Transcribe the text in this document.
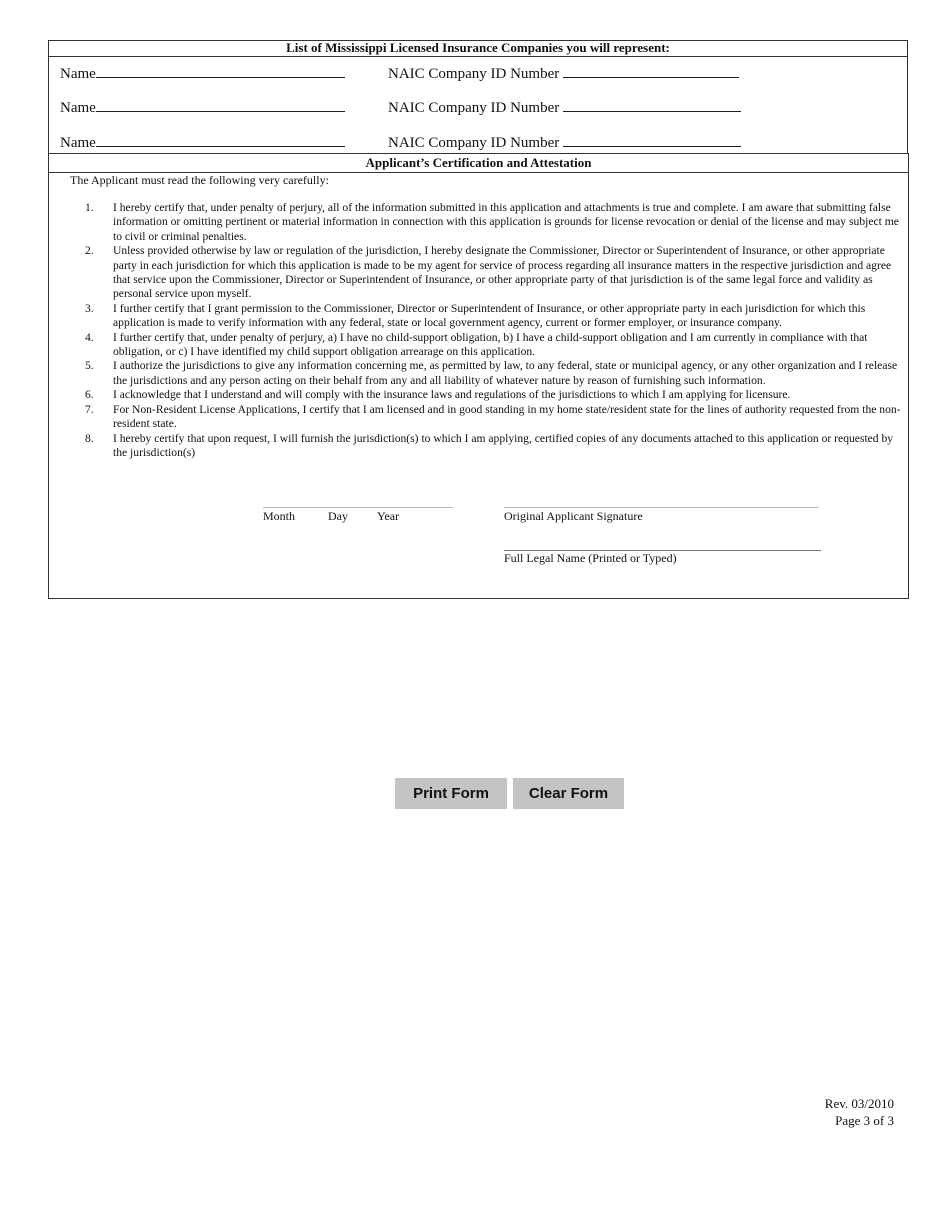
List of Mississippi Licensed Insurance Companies you will represent:
Name	NAIC Company ID Number
Name	NAIC Company ID Number
Name	NAIC Company ID Number
Applicant’s Certification and Attestation
The Applicant must read the following very carefully:
1. I hereby certify that, under penalty of perjury, all of the information submitted in this application and attachments is true and complete. I am aware that submitting false information or omitting pertinent or material information in connection with this application is grounds for license revocation or denial of the license and may subject me to civil or criminal penalties.
2. Unless provided otherwise by law or regulation of the jurisdiction, I hereby designate the Commissioner, Director or Superintendent of Insurance, or other appropriate party in each jurisdiction for which this application is made to be my agent for service of process regarding all insurance matters in the respective jurisdiction and agree that service upon the Commissioner, Director or Superintendent of Insurance, or other appropriate party of that jurisdiction is of the same legal force and validity as personal service upon myself.
3. I further certify that I grant permission to the Commissioner, Director or Superintendent of Insurance, or other appropriate party in each jurisdiction for which this application is made to verify information with any federal, state or local government agency, current or former employer, or insurance company.
4. I further certify that, under penalty of perjury, a) I have no child-support obligation, b) I have a child-support obligation and I am currently in compliance with that obligation, or c) I have identified my child support obligation arrearage on this application.
5. I authorize the jurisdictions to give any information concerning me, as permitted by law, to any federal, state or municipal agency, or any other organization and I release the jurisdictions and any person acting on their behalf from any and all liability of whatever nature by reason of furnishing such information.
6. I acknowledge that I understand and will comply with the insurance laws and regulations of the jurisdictions to which I am applying for licensure.
7. For Non-Resident License Applications, I certify that I am licensed and in good standing in my home state/resident state for the lines of authority requested from the non-resident state.
8. I hereby certify that upon request, I will furnish the jurisdiction(s) to which I am applying, certified copies of any documents attached to this application or requested by the jurisdiction(s)
Month	Day Year	Original Applicant Signature
Full Legal Name (Printed or Typed)
Print Form	Clear Form
Rev. 03/2010
Page 3 of 3
